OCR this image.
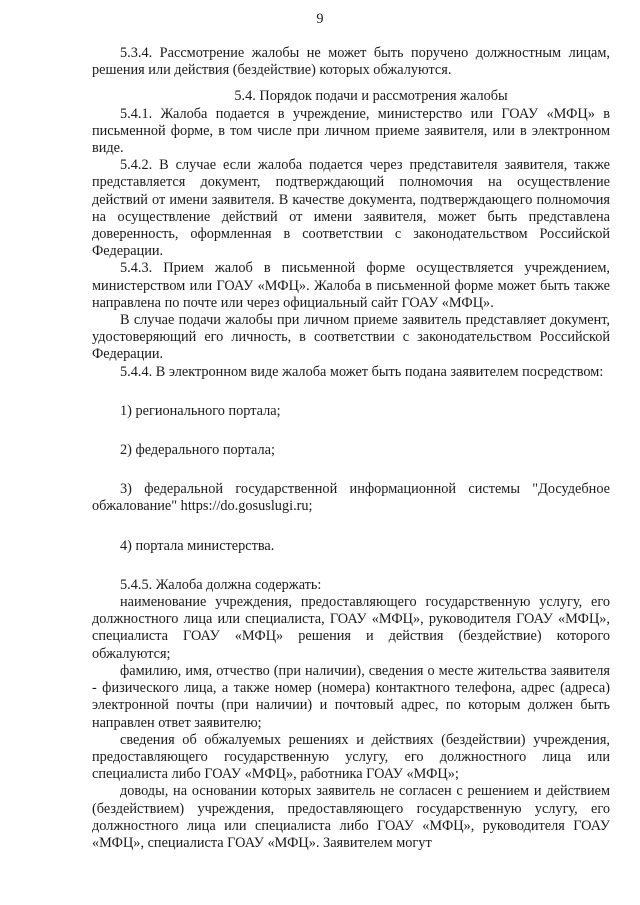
9

5.3.4. Рассмотрение жалобы не может быть поручено должностным лицам, решения или действия (бездействие) которых обжалуются.

5.4. Порядок подачи и рассмотрения жалобы

5.4.1. Жалоба подается в учреждение, министерство или ГОАУ «МФЦ» в письменной форме, в том числе при личном приеме заявителя, или в электронном виде.

5.4.2. В случае если жалоба подается через представителя заявителя, также представляется документ, подтверждающий полномочия на осуществление действий от имени заявителя. В качестве документа, подтверждающего полномочия на осуществление действий от имени заявителя, может быть представлена доверенность, оформленная в соответствии с законодательством Российской Федерации.

5.4.3. Прием жалоб в письменной форме осуществляется учреждением, министерством или ГОАУ «МФЦ». Жалоба в письменной форме может быть также направлена по почте или через официальный сайт ГОАУ «МФЦ».

В случае подачи жалобы при личном приеме заявитель представляет документ, удостоверяющий его личность, в соответствии с законодательством Российской Федерации.

5.4.4. В электронном виде жалоба может быть подана заявителем посредством:

1) регионального портала;

2) федерального портала;

3) федеральной государственной информационной системы "Досудебное обжалование" https://do.gosuslugi.ru;

4) портала министерства.

5.4.5. Жалоба должна содержать:

наименование учреждения, предоставляющего государственную услугу, его должностного лица или специалиста, ГОАУ «МФЦ», руководителя ГОАУ «МФЦ», специалиста ГОАУ «МФЦ» решения и действия (бездействие) которого обжалуются;

фамилию, имя, отчество (при наличии), сведения о месте жительства заявителя - физического лица, а также номер (номера) контактного телефона, адрес (адреса) электронной почты (при наличии) и почтовый адрес, по которым должен быть направлен ответ заявителю;

сведения об обжалуемых решениях и действиях (бездействии) учреждения, предоставляющего государственную услугу, его должностного лица или специалиста либо ГОАУ «МФЦ», работника ГОАУ «МФЦ»;

доводы, на основании которых заявитель не согласен с решением и действием (бездействием) учреждения, предоставляющего государственную услугу, его должностного лица или специалиста либо ГОАУ «МФЦ», руководителя ГОАУ «МФЦ», специалиста ГОАУ «МФЦ». Заявителем могут
